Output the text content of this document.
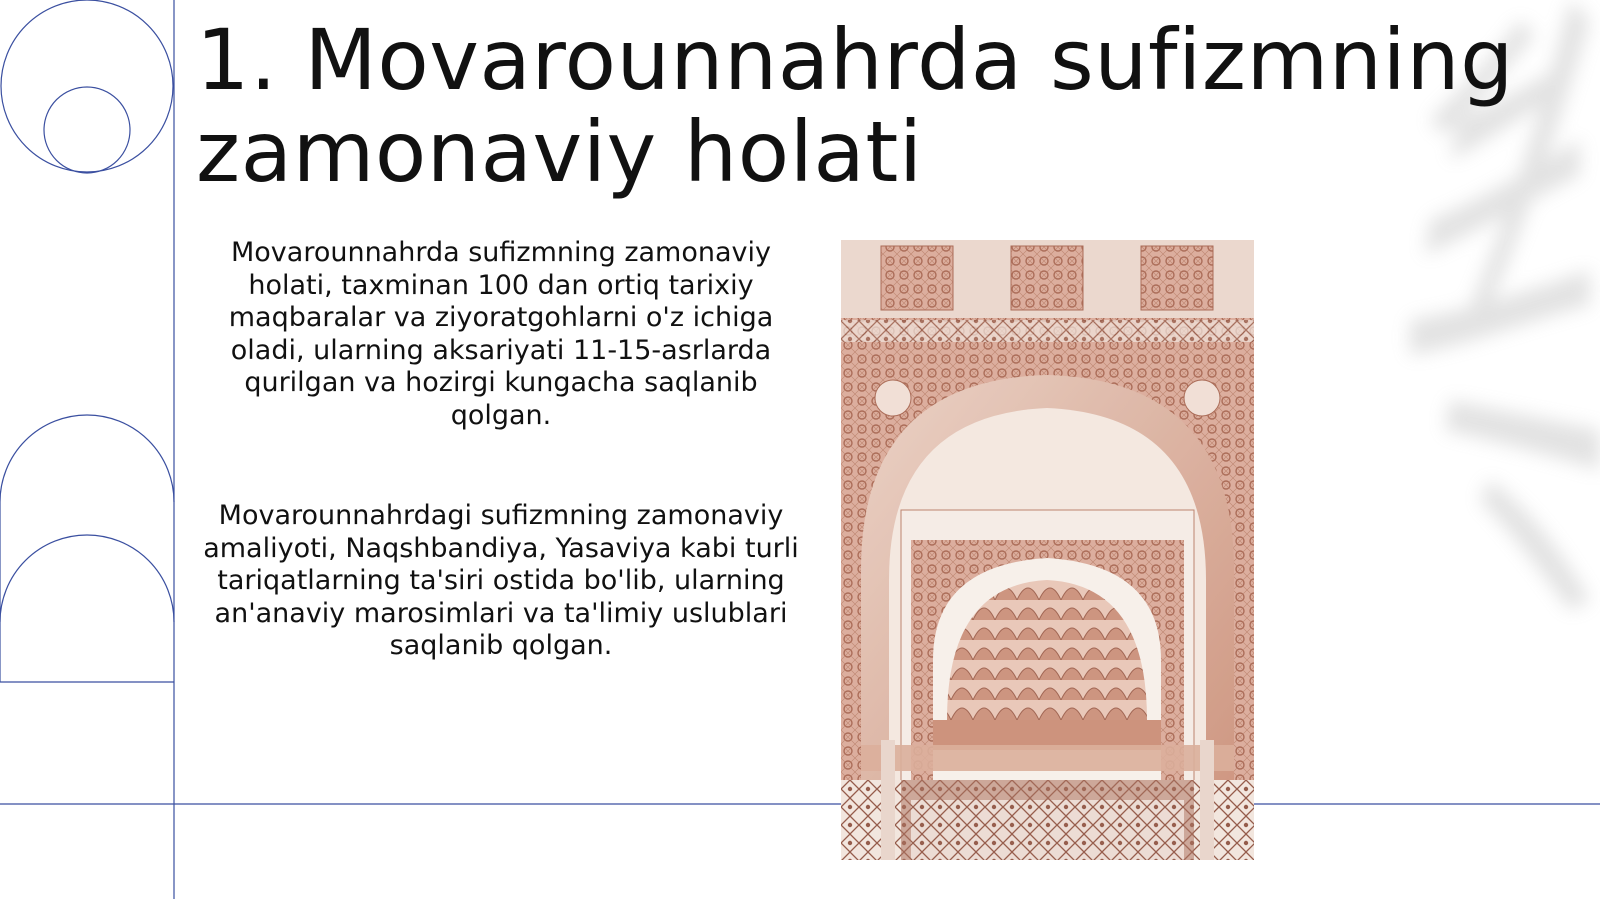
1. Movarounnahrda sufizmning
zamonaviy holati

Movarounnahrda sufizmning zamonaviy holati, taxminan 100 dan ortiq tarixiy maqbaralar va ziyoratgohlarni o'z ichiga oladi, ularning aksariyati 11-15-asrlarda qurilgan va hozirgi kungacha saqlanib qolgan.

Movarounnahrdagi sufizmning zamonaviy amaliyoti, Naqshbandiya, Yasaviya kabi turli tariqatlarning ta'siri ostida bo'lib, ularning an'anaviy marosimlari va ta'limiy uslublari saqlanib qolgan.
